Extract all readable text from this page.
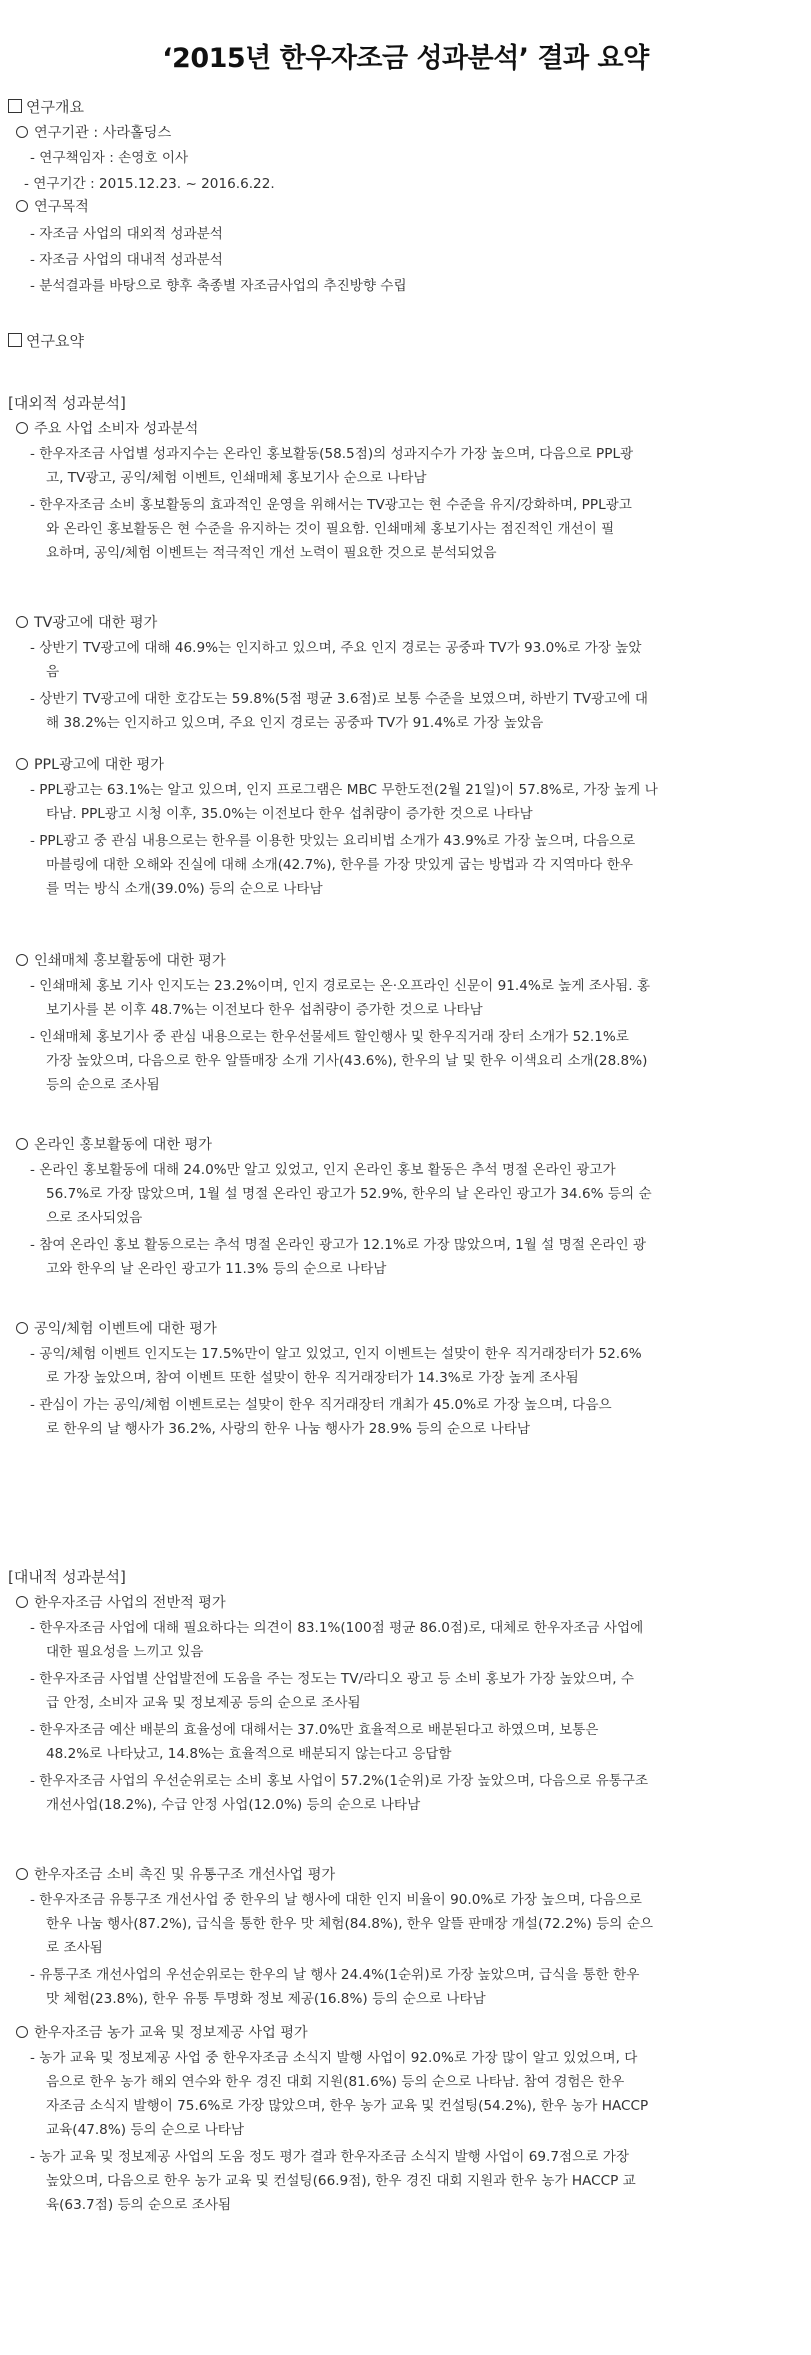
‘2015년 한우자조금 성과분석’ 결과 요약
연구개요
연구기관 : 사라홀딩스
- 연구책임자 : 손영호 이사
- 연구기간 : 2015.12.23. ~ 2016.6.22.
연구목적
- 자조금 사업의 대외적 성과분석
- 자조금 사업의 대내적 성과분석
- 분석결과를 바탕으로 향후 축종별 자조금사업의 추진방향 수립
연구요약
[대외적 성과분석]
[대내적 성과분석]
주요 사업 소비자 성과분석
- 한우자조금 사업별 성과지수는 온라인 홍보활동(58.5점)의 성과지수가 가장 높으며, 다음으로 PPL광
고, TV광고, 공익/체험 이벤트, 인쇄매체 홍보기사 순으로 나타남
- 한우자조금 소비 홍보활동의 효과적인 운영을 위해서는 TV광고는 현 수준을 유지/강화하며, PPL광고
와 온라인 홍보활동은 현 수준을 유지하는 것이 필요함. 인쇄매체 홍보기사는 점진적인 개선이 필
요하며, 공익/체험 이벤트는 적극적인 개선 노력이 필요한 것으로 분석되었음
TV광고에 대한 평가
- 상반기 TV광고에 대해 46.9%는 인지하고 있으며, 주요 인지 경로는 공중파 TV가 93.0%로 가장 높았
음
- 상반기 TV광고에 대한 호감도는 59.8%(5점 평균 3.6점)로 보통 수준을 보였으며, 하반기 TV광고에 대
해 38.2%는 인지하고 있으며, 주요 인지 경로는 공중파 TV가 91.4%로 가장 높았음
PPL광고에 대한 평가
- PPL광고는 63.1%는 알고 있으며, 인지 프로그램은 MBC 무한도전(2월 21일)이 57.8%로, 가장 높게 나
타남. PPL광고 시청 이후, 35.0%는 이전보다 한우 섭취량이 증가한 것으로 나타남
- PPL광고 중 관심 내용으로는 한우를 이용한 맛있는 요리비법 소개가 43.9%로 가장 높으며, 다음으로
마블링에 대한 오해와 진실에 대해 소개(42.7%), 한우를 가장 맛있게 굽는 방법과 각 지역마다 한우
를 먹는 방식 소개(39.0%) 등의 순으로 나타남
인쇄매체 홍보활동에 대한 평가
- 인쇄매체 홍보 기사 인지도는 23.2%이며, 인지 경로로는 온·오프라인 신문이 91.4%로 높게 조사됨. 홍
보기사를 본 이후 48.7%는 이전보다 한우 섭취량이 증가한 것으로 나타남
- 인쇄매체 홍보기사 중 관심 내용으로는 한우선물세트 할인행사 및 한우직거래 장터 소개가 52.1%로
가장 높았으며, 다음으로 한우 알뜰매장 소개 기사(43.6%), 한우의 날 및 한우 이색요리 소개(28.8%)
등의 순으로 조사됨
온라인 홍보활동에 대한 평가
- 온라인 홍보활동에 대해 24.0%만 알고 있었고, 인지 온라인 홍보 활동은 추석 명절 온라인 광고가
56.7%로 가장 많았으며, 1월 설 명절 온라인 광고가 52.9%, 한우의 날 온라인 광고가 34.6% 등의 순
으로 조사되었음
- 참여 온라인 홍보 활동으로는 추석 명절 온라인 광고가 12.1%로 가장 많았으며, 1월 설 명절 온라인 광
고와 한우의 날 온라인 광고가 11.3% 등의 순으로 나타남
공익/체험 이벤트에 대한 평가
- 공익/체험 이벤트 인지도는 17.5%만이 알고 있었고, 인지 이벤트는 설맞이 한우 직거래장터가 52.6%
로 가장 높았으며, 참여 이벤트 또한 설맞이 한우 직거래장터가 14.3%로 가장 높게 조사됨
- 관심이 가는 공익/체험 이벤트로는 설맞이 한우 직거래장터 개최가 45.0%로 가장 높으며, 다음으
로 한우의 날 행사가 36.2%, 사랑의 한우 나눔 행사가 28.9% 등의 순으로 나타남
한우자조금 사업의 전반적 평가
- 한우자조금 사업에 대해 필요하다는 의견이 83.1%(100점 평균 86.0점)로, 대체로 한우자조금 사업에
대한 필요성을 느끼고 있음
- 한우자조금 사업별 산업발전에 도움을 주는 정도는 TV/라디오 광고 등 소비 홍보가 가장 높았으며, 수
급 안정, 소비자 교육 및 정보제공 등의 순으로 조사됨
- 한우자조금 예산 배분의 효율성에 대해서는 37.0%만 효율적으로 배분된다고 하였으며, 보통은
48.2%로 나타났고, 14.8%는 효율적으로 배분되지 않는다고 응답함
- 한우자조금 사업의 우선순위로는 소비 홍보 사업이 57.2%(1순위)로 가장 높았으며, 다음으로 유통구조
개선사업(18.2%), 수급 안정 사업(12.0%) 등의 순으로 나타남
한우자조금 소비 촉진 및 유통구조 개선사업 평가
- 한우자조금 유통구조 개선사업 중 한우의 날 행사에 대한 인지 비율이 90.0%로 가장 높으며, 다음으로
한우 나눔 행사(87.2%), 급식을 통한 한우 맛 체험(84.8%), 한우 알뜰 판매장 개설(72.2%) 등의 순으
로 조사됨
- 유통구조 개선사업의 우선순위로는 한우의 날 행사 24.4%(1순위)로 가장 높았으며, 급식을 통한 한우
맛 체험(23.8%), 한우 유통 투명화 정보 제공(16.8%) 등의 순으로 나타남
한우자조금 농가 교육 및 정보제공 사업 평가
- 농가 교육 및 정보제공 사업 중 한우자조금 소식지 발행 사업이 92.0%로 가장 많이 알고 있었으며, 다
음으로 한우 농가 해외 연수와 한우 경진 대회 지원(81.6%) 등의 순으로 나타남. 참여 경험은 한우
자조금 소식지 발행이 75.6%로 가장 많았으며, 한우 농가 교육 및 컨설팅(54.2%), 한우 농가 HACCP
교육(47.8%) 등의 순으로 나타남
- 농가 교육 및 정보제공 사업의 도움 정도 평가 결과 한우자조금 소식지 발행 사업이 69.7점으로 가장
높았으며, 다음으로 한우 농가 교육 및 컨설팅(66.9점), 한우 경진 대회 지원과 한우 농가 HACCP 교
육(63.7점) 등의 순으로 조사됨
